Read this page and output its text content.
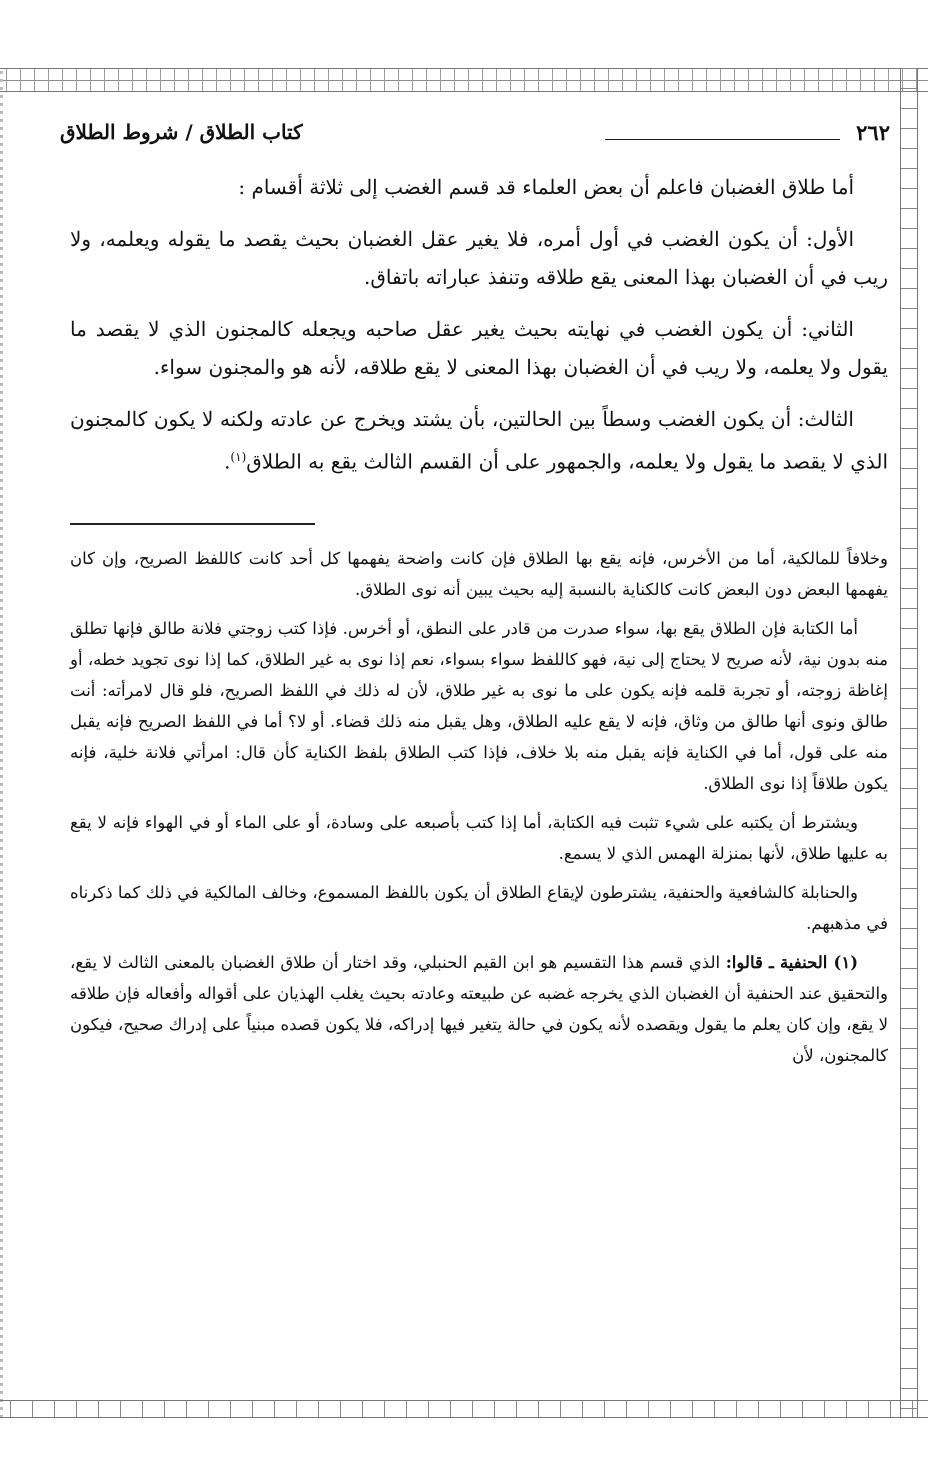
٢٦٢
كتاب الطلاق / شروط الطلاق

أما طلاق الغضبان فاعلم أن بعض العلماء قد قسم الغضب إلى ثلاثة أقسام :

الأول: أن يكون الغضب في أول أمره، فلا يغير عقل الغضبان بحيث يقصد ما يقوله ويعلمه، ولا ريب في أن الغضبان بهذا المعنى يقع طلاقه وتنفذ عباراته باتفاق.

الثاني: أن يكون الغضب في نهايته بحيث يغير عقل صاحبه ويجعله كالمجنون الذي لا يقصد ما يقول ولا يعلمه، ولا ريب في أن الغضبان بهذا المعنى لا يقع طلاقه، لأنه هو والمجنون سواء.

الثالث: أن يكون الغضب وسطاً بين الحالتين، بأن يشتد ويخرج عن عادته ولكنه لا يكون كالمجنون الذي لا يقصد ما يقول ولا يعلمه، والجمهور على أن القسم الثالث يقع به الطلاق$^{(١)}$.

وخلافاً للمالكية، أما من الأخرس، فإنه يقع بها الطلاق فإن كانت واضحة يفهمها كل أحد كانت كاللفظ الصريح، وإن كان يفهمها البعض دون البعض كانت كالكناية بالنسبة إليه بحيث يبين أنه نوى الطلاق.

أما الكتابة فإن الطلاق يقع بها، سواء صدرت من قادر على النطق، أو أخرس. فإذا كتب زوجتي فلانة طالق فإنها تطلق منه بدون نية، لأنه صريح لا يحتاج إلى نية، فهو كاللفظ سواء بسواء، نعم إذا نوى به غير الطلاق، كما إذا نوى تجويد خطه، أو إغاظة زوجته، أو تجربة قلمه فإنه يكون على ما نوى به غير طلاق، لأن له ذلك في اللفظ الصريح، فلو قال لامرأته: أنت طالق ونوى أنها طالق من وثاق، فإنه لا يقع عليه الطلاق، وهل يقبل منه ذلك قضاء. أو لا؟ أما في اللفظ الصريح فإنه يقبل منه على قول، أما في الكناية فإنه يقبل منه بلا خلاف، فإذا كتب الطلاق بلفظ الكناية كأن قال: امرأتي فلانة خلية، فإنه يكون طلاقاً إذا نوى الطلاق.

ويشترط أن يكتبه على شيء تثبت فيه الكتابة، أما إذا كتب بأصبعه على وسادة، أو على الماء أو في الهواء فإنه لا يقع به عليها طلاق، لأنها بمنزلة الهمس الذي لا يسمع.

والحنابلة كالشافعية والحنفية، يشترطون لإيقاع الطلاق أن يكون باللفظ المسموع، وخالف المالكية في ذلك كما ذكرناه في مذهبهم.

(١) الحنفية ـ قالوا: الذي قسم هذا التقسيم هو ابن القيم الحنبلي، وقد اختار أن طلاق الغضبان بالمعنى الثالث لا يقع، والتحقيق عند الحنفية أن الغضبان الذي يخرجه غضبه عن طبيعته وعادته بحيث يغلب الهذيان على أقواله وأفعاله فإن طلاقه لا يقع، وإن كان يعلم ما يقول ويقصده لأنه يكون في حالة يتغير فيها إدراكه، فلا يكون قصده مبنياً على إدراك صحيح، فيكون كالمجنون، لأن
